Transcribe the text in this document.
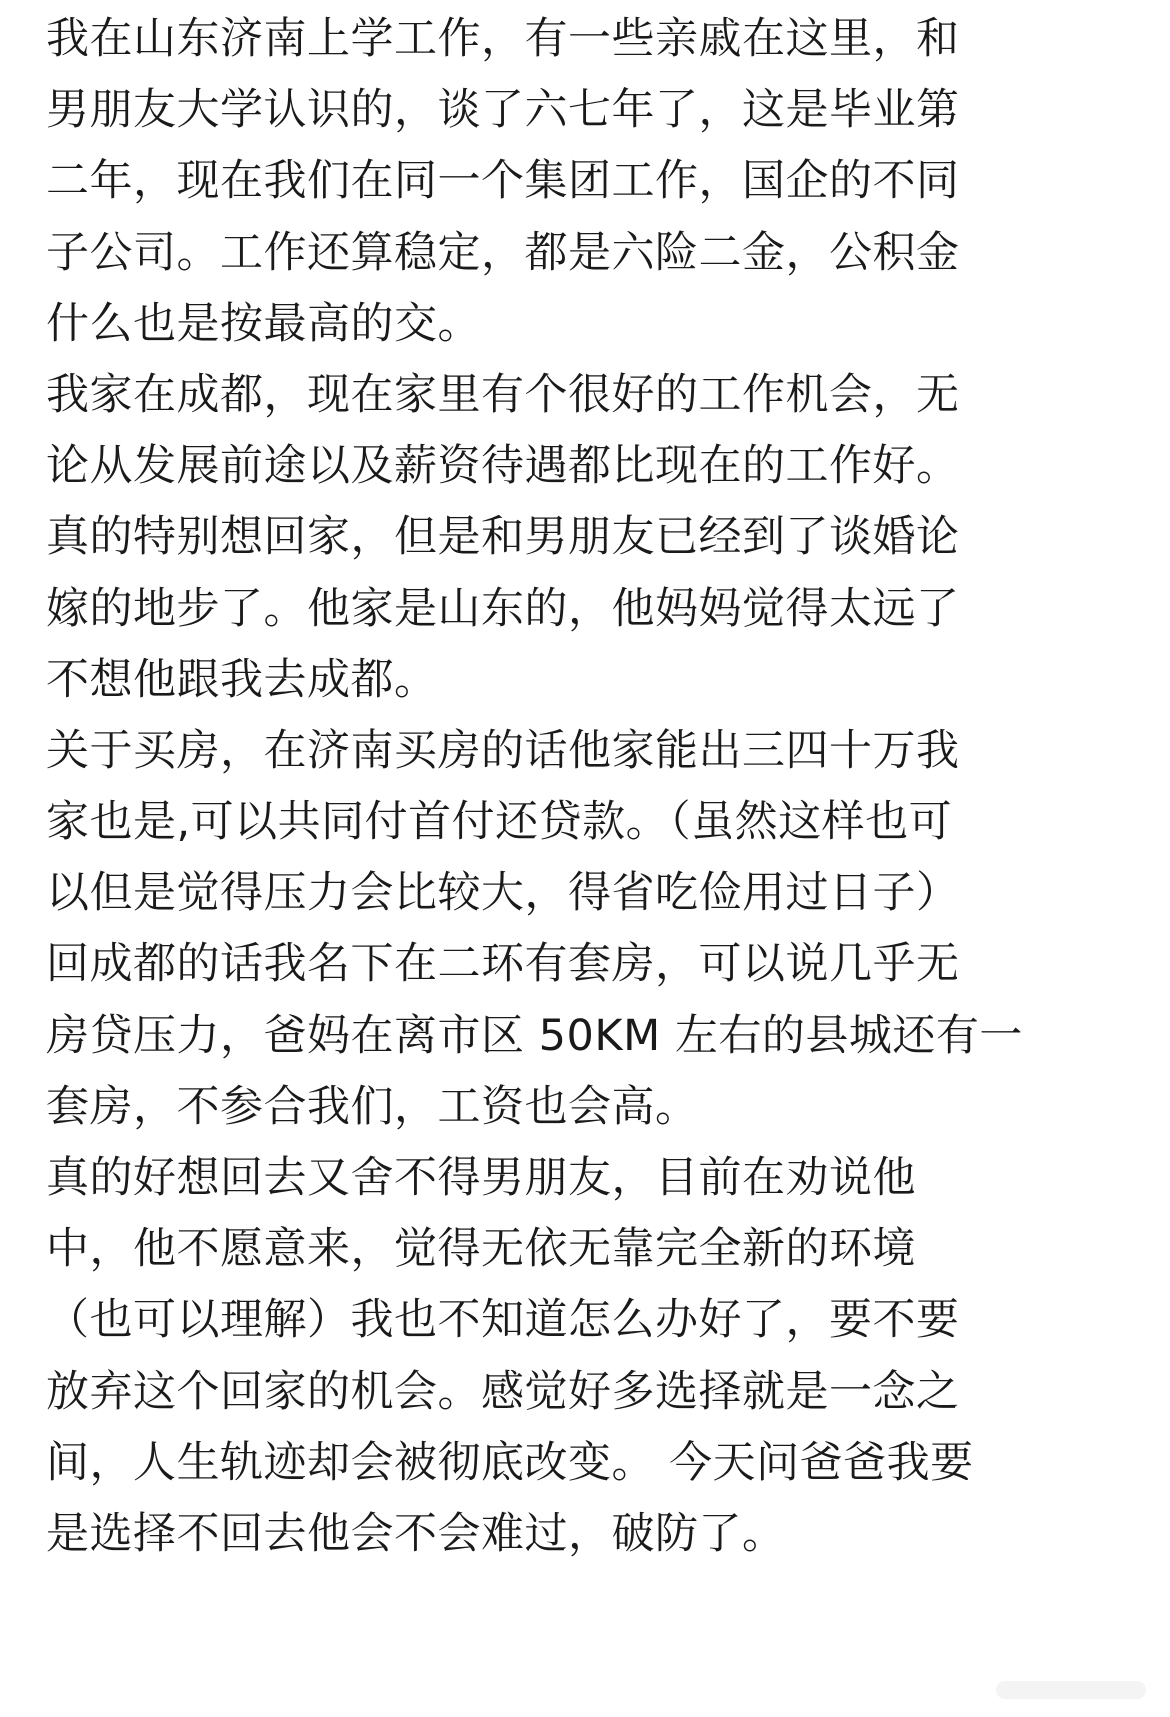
我在山东济南上学工作，有一些亲戚在这里，和
男朋友大学认识的，谈了六七年了，这是毕业第
二年，现在我们在同一个集团工作，国企的不同
子公司。工作还算稳定，都是六险二金，公积金
什么也是按最高的交。
我家在成都，现在家里有个很好的工作机会，无
论从发展前途以及薪资待遇都比现在的工作好。
真的特别想回家，但是和男朋友已经到了谈婚论
嫁的地步了。他家是山东的，他妈妈觉得太远了
不想他跟我去成都。
关于买房，在济南买房的话他家能出三四十万我
家也是,可以共同付首付还贷款。（虽然这样也可
以但是觉得压力会比较大，得省吃俭用过日子）
回成都的话我名下在二环有套房，可以说几乎无
房贷压力，爸妈在离市区 50KM 左右的县城还有一
套房，不参合我们，工资也会高。
真的好想回去又舍不得男朋友，目前在劝说他
中，他不愿意来，觉得无依无靠完全新的环境
（也可以理解）我也不知道怎么办好了，要不要
放弃这个回家的机会。感觉好多选择就是一念之
间，人生轨迹却会被彻底改变。 今天问爸爸我要
是选择不回去他会不会难过，破防了。
